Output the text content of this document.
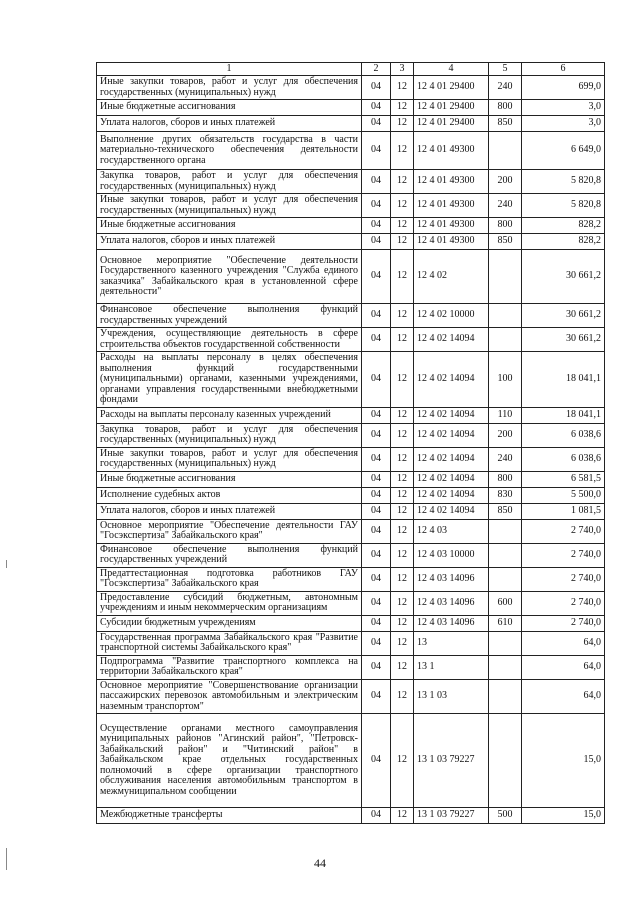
1	2	3	4	5	6
Иные закупки товаров, работ и услуг для обеспечения государственных (муниципальных) нужд	04	12	12 4 01 29400	240	699,0
Иные бюджетные ассигнования	04	12	12 4 01 29400	800	3,0
Уплата налогов, сборов и иных платежей	04	12	12 4 01 29400	850	3,0
Выполнение других обязательств государства в части материально-технического обеспечения деятельности государственного органа	04	12	12 4 01 49300		6 649,0
Закупка товаров, работ и услуг для обеспечения государственных (муниципальных) нужд	04	12	12 4 01 49300	200	5 820,8
Иные закупки товаров, работ и услуг для обеспечения государственных (муниципальных) нужд	04	12	12 4 01 49300	240	5 820,8
Иные бюджетные ассигнования	04	12	12 4 01 49300	800	828,2
Уплата налогов, сборов и иных платежей	04	12	12 4 01 49300	850	828,2
Основное мероприятие "Обеспечение деятельности Государственного казенного учреждения "Служба единого заказчика" Забайкальского края в установленной сфере деятельности"	04	12	12 4 02		30 661,2
Финансовое обеспечение выполнения функций государственных учреждений	04	12	12 4 02 10000		30 661,2
Учреждения, осуществляющие деятельность в сфере строительства объектов государственной собственности	04	12	12 4 02 14094		30 661,2
Расходы на выплаты персоналу в целях обеспечения выполнения функций государственными (муниципальными) органами, казенными учреждениями, органами управления государственными внебюджетными фондами	04	12	12 4 02 14094	100	18 041,1
Расходы на выплаты персоналу казенных учреждений	04	12	12 4 02 14094	110	18 041,1
Закупка товаров, работ и услуг для обеспечения государственных (муниципальных) нужд	04	12	12 4 02 14094	200	6 038,6
Иные закупки товаров, работ и услуг для обеспечения государственных (муниципальных) нужд	04	12	12 4 02 14094	240	6 038,6
Иные бюджетные ассигнования	04	12	12 4 02 14094	800	6 581,5
Исполнение судебных актов	04	12	12 4 02 14094	830	5 500,0
Уплата налогов, сборов и иных платежей	04	12	12 4 02 14094	850	1 081,5
Основное мероприятие "Обеспечение деятельности ГАУ "Госэкспертиза" Забайкальского края"	04	12	12 4 03		2 740,0
Финансовое обеспечение выполнения функций государственных учреждений	04	12	12 4 03 10000		2 740,0
Предаттестационная подготовка работников ГАУ "Госэкспертиза" Забайкальского края	04	12	12 4 03 14096		2 740,0
Предоставление субсидий бюджетным, автономным учреждениям и иным некоммерческим организациям	04	12	12 4 03 14096	600	2 740,0
Субсидии бюджетным учреждениям	04	12	12 4 03 14096	610	2 740,0
Государственная программа Забайкальского края "Развитие транспортной системы Забайкальского края"	04	12	13		64,0
Подпрограмма "Развитие транспортного комплекса на территории Забайкальского края"	04	12	13 1		64,0
Основное мероприятие "Совершенствование организации пассажирских перевозок автомобильным и электрическим наземным транспортом"	04	12	13 1 03		64,0
Осуществление органами местного самоуправления муниципальных районов "Агинский район", "Петровск-Забайкальский район" и "Читинский район" в Забайкальском крае отдельных государственных полномочий в сфере организации транспортного обслуживания населения автомобильным транспортом в межмуниципальном сообщении	04	12	13 1 03 79227		15,0
Межбюджетные трансферты	04	12	13 1 03 79227	500	15,0
44
